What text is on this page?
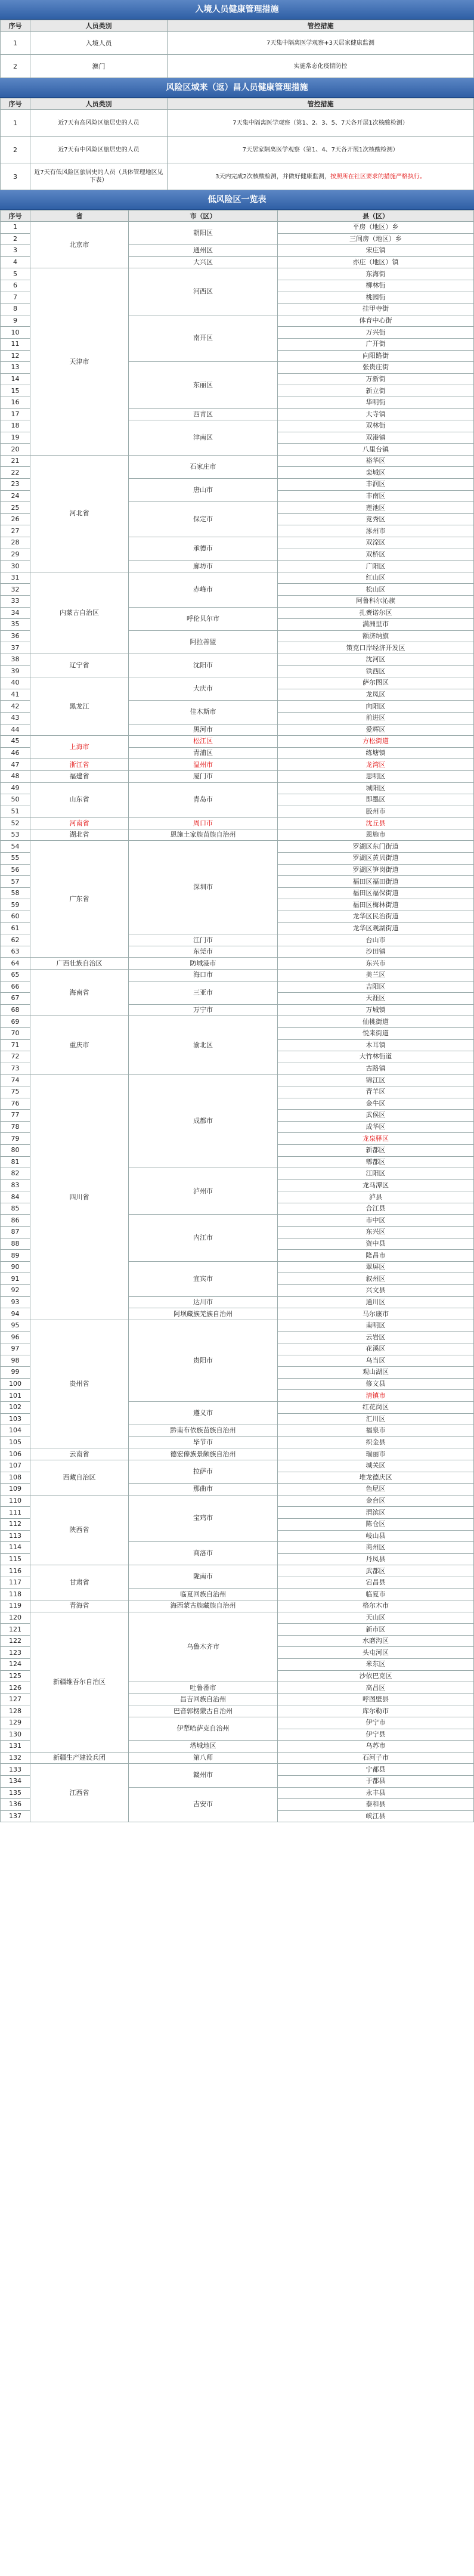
入境人员健康管理措施
序号	人员类别	管控措施
1	入境人员	7天集中隔离医学观察+3天居家健康监测
2	澳门	实施常态化疫情防控
风险区域来（返）昌人员健康管理措施
序号	人员类别	管控措施
1	近7天有高风险区旅居史的人员	7天集中隔离医学观察（第1、2、3、5、7天各开展1次核酸检测）
2	近7天有中风险区旅居史的人员	7天居家隔离医学观察（第1、4、7天各开展1次核酸检测）
3	近7天有低风险区旅居史的人员（具体管理地区见下表）	3天内完成2次核酸检测，并做好健康监测，按照所在社区要求的措施严格执行。
低风险区一览表
序号	省	市（区）	县（区）
1	北京市	朝阳区	平房（地区）乡
2			三间房（地区）乡
3		通州区	宋庄镇
4		大兴区	亦庄（地区）镇
5	天津市	河西区	东海街
6			柳林街
7			桃园街
8			挂甲寺街
9		南开区	体育中心街
10			万兴街
11			广开街
12			向阳路街
13		东丽区	张贵庄街
14			万新街
15			新立街
16			华明街
17		西青区	大寺镇
18		津南区	双林街
19			双港镇
20			八里台镇
21	河北省	石家庄市	裕华区
22			栾城区
23		唐山市	丰润区
24			丰南区
25		保定市	莲池区
26			竞秀区
27			涿州市
28		承德市	双滦区
29			双桥区
30		廊坊市	广阳区
31	内蒙古自治区	赤峰市	红山区
32			松山区
33			阿鲁科尔沁旗
34		呼伦贝尔市	扎赉诺尔区
35			满洲里市
36		阿拉善盟	额济纳旗
37			策克口岸经济开发区
38	辽宁省	沈阳市	沈河区
39			铁西区
40	黑龙江	大庆市	萨尔图区
41			龙凤区
42		佳木斯市	向阳区
43			前进区
44		黑河市	爱辉区
45	上海市	松江区	方松街道
46		青浦区	练塘镇
47	浙江省	温州市	龙湾区
48	福建省	厦门市	思明区
49	山东省	青岛市	城阳区
50			即墨区
51			胶州市
52	河南省	周口市	沈丘县
53	湖北省	恩施土家族苗族自治州	恩施市
54	广东省	深圳市	罗湖区东门街道
55			罗湖区黄贝街道
56			罗湖区笋岗街道
57			福田区福田街道
58			福田区福保街道
59			福田区梅林街道
60			龙华区民治街道
61			龙华区观湖街道
62		江门市	台山市
63		东莞市	沙田镇
64	广西壮族自治区	防城港市	东兴市
65	海南省	海口市	美兰区
66		三亚市	吉阳区
67			天涯区
68		万宁市	万城镇
69	重庆市	渝北区	仙桃街道
70			悦来街道
71			木耳镇
72			大竹林街道
73			古路镇
74	四川省	成都市	锦江区
75			青羊区
76			金牛区
77			武侯区
78			成华区
79			龙泉驿区
80			新都区
81			郫都区
82		泸州市	江阳区
83			龙马潭区
84			泸县
85			合江县
86		内江市	市中区
87			东兴区
88			资中县
89			隆昌市
90		宜宾市	翠屏区
91			叙州区
92			兴文县
93		达川市	通川区
94		阿坝藏族羌族自治州	马尔康市
95	贵州省	贵阳市	南明区
96			云岩区
97			花溪区
98			乌当区
99			观山湖区
100			修文县
101			清镇市
102		遵义市	红花岗区
103			汇川区
104		黔南布依族苗族自治州	福泉市
105		毕节市	织金县
106	云南省	德宏傣族景颇族自治州	瑞丽市
107	西藏自治区	拉萨市	城关区
108			堆龙德庆区
109		那曲市	色尼区
110	陕西省	宝鸡市	金台区
111			渭滨区
112			陈仓区
113			岐山县
114		商洛市	商州区
115			丹凤县
116	甘肃省	陇南市	武都区
117			宕昌县
118		临夏回族自治州	临夏市
119	青海省	海西蒙古族藏族自治州	格尔木市
120	新疆维吾尔自治区	乌鲁木齐市	天山区
121			新市区
122			水磨沟区
123			头屯河区
124			米东区
125			沙依巴克区
126		吐鲁番市	高昌区
127		昌吉回族自治州	呼图壁县
128		巴音郭楞蒙古自治州	库尔勒市
129		伊犁哈萨克自治州	伊宁市
130			伊宁县
131		塔城地区	乌苏市
132	新疆生产建设兵团	第八师	石河子市
133	江西省	赣州市	宁都县
134			于都县
135		吉安市	永丰县
136			泰和县
137			峡江县
